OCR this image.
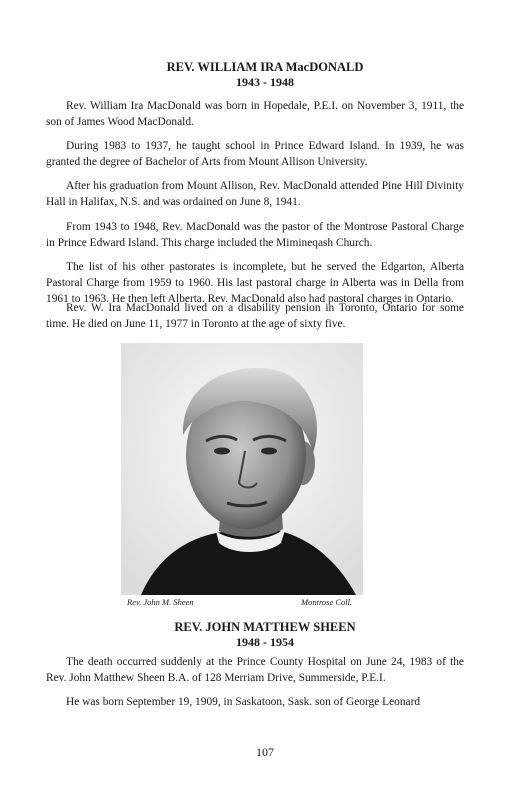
REV. WILLIAM IRA MacDONALD
1943 - 1948

Rev. William Ira MacDonald was born in Hopedale, P.E.I. on November 3, 1911, the son of James Wood MacDonald.

During 1983 to 1937, he taught school in Prince Edward Island. In 1939, he was granted the degree of Bachelor of Arts from Mount Allison University.

After his graduation from Mount Allison, Rev. MacDonald attended Pine Hill Divinity Hall in Halifax, N.S. and was ordained on June 8, 1941.

From 1943 to 1948, Rev. MacDonald was the pastor of the Montrose Pastoral Charge in Prince Edward Island. This charge included the Mimineqash Church.

The list of his other pastorates is incomplete, but he served the Edgarton, Alberta Pastoral Charge from 1959 to 1960. His last pastoral charge in Alberta was in Della from 1961 to 1963. He then left Alberta. Rev. MacDonald also had pastoral charges in Ontario.

Rev. W. Ira MacDonald lived on a disability pension in Toronto, Ontario for some time. He died on June 11, 1977 in Toronto at the age of sixty five.

Rev. John M. Sheen	Montrose Coll.
REV. JOHN MATTHEW SHEEN
1948 - 1954

The death occurred suddenly at the Prince County Hospital on June 24, 1983 of the Rev. John Matthew Sheen B.A. of 128 Merriam Drive, Summerside, P.E.I.

He was born September 19, 1909, in Saskatoon, Sask. son of George Leonard

107
